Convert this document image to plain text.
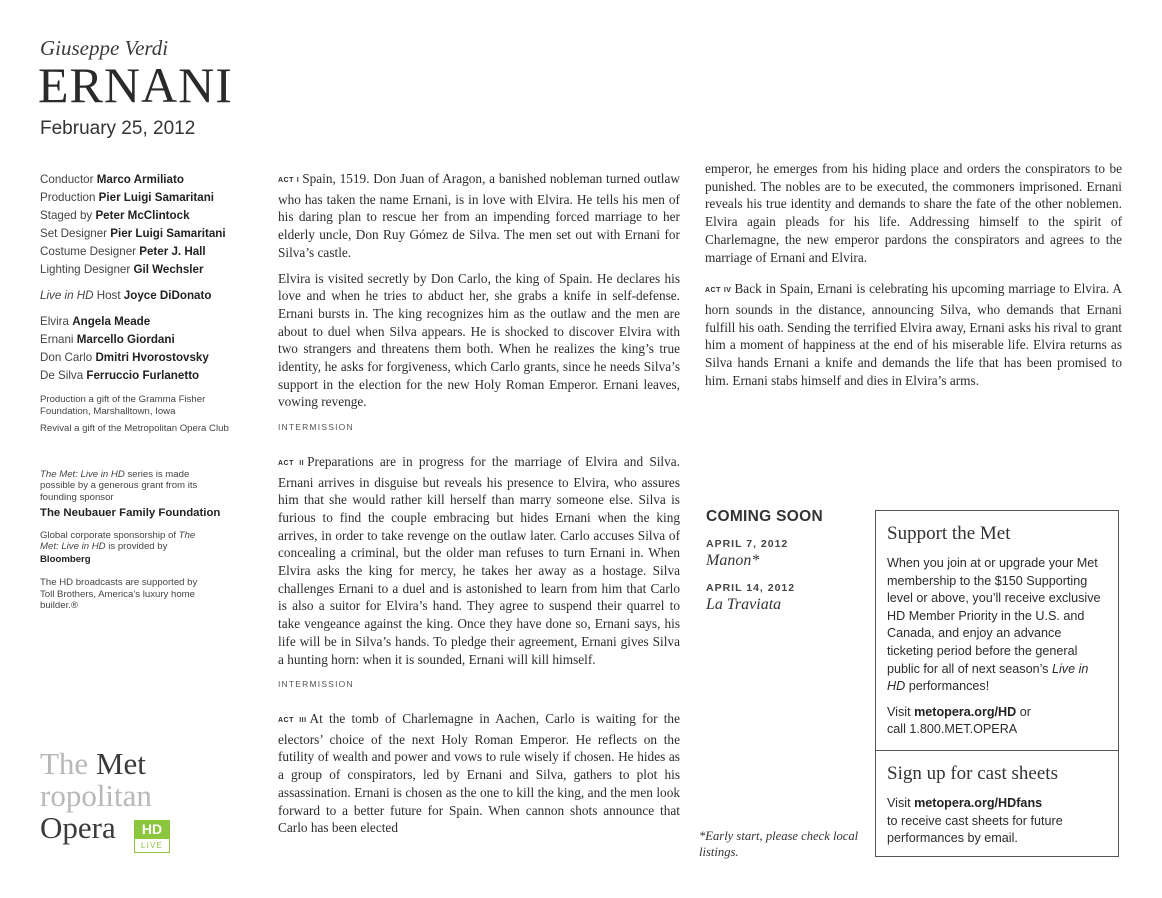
Giuseppe Verdi
ERNANI
February 25, 2012
Conductor Marco Armiliato
Production Pier Luigi Samaritani
Staged by Peter McClintock
Set Designer Pier Luigi Samaritani
Costume Designer Peter J. Hall
Lighting Designer Gil Wechsler
Live in HD Host Joyce DiDonato
Elvira Angela Meade
Ernani Marcello Giordani
Don Carlo Dmitri Hvorostovsky
De Silva Ferruccio Furlanetto
Production a gift of the Gramma Fisher Foundation, Marshalltown, Iowa
Revival a gift of the Metropolitan Opera Club
The Met: Live in HD series is made possible by a generous grant from its founding sponsor
The Neubauer Family Foundation
Global corporate sponsorship of The Met: Live in HD is provided by
Bloomberg
The HD broadcasts are supported by Toll Brothers, America’s luxury home builder.®

ACT I Spain, 1519. Don Juan of Aragon, a banished nobleman turned outlaw who has taken the name Ernani, is in love with Elvira. He tells his men of his daring plan to rescue her from an impending forced marriage to her elderly uncle, Don Ruy Gómez de Silva. The men set out with Ernani for Silva’s castle.

Elvira is visited secretly by Don Carlo, the king of Spain. He declares his love and when he tries to abduct her, she grabs a knife in self-defense. Ernani bursts in. The king recognizes him as the outlaw and the men are about to duel when Silva appears. He is shocked to discover Elvira with two strangers and threatens them both. When he realizes the king’s true identity, he asks for forgiveness, which Carlo grants, since he needs Silva’s support in the election for the new Holy Roman Emperor. Ernani leaves, vowing revenge.

INTERMISSION

ACT II Preparations are in progress for the marriage of Elvira and Silva. Ernani arrives in disguise but reveals his presence to Elvira, who assures him that she would rather kill herself than marry someone else. Silva is furious to find the couple embracing but hides Ernani when the king arrives, in order to take revenge on the outlaw later. Carlo accuses Silva of concealing a criminal, but the older man refuses to turn Ernani in. When Elvira asks the king for mercy, he takes her away as a hostage. Silva challenges Ernani to a duel and is astonished to learn from him that Carlo is also a suitor for Elvira’s hand. They agree to suspend their quarrel to take vengeance against the king. Once they have done so, Ernani says, his life will be in Silva’s hands. To pledge their agreement, Ernani gives Silva a hunting horn: when it is sounded, Ernani will kill himself.

INTERMISSION

ACT III At the tomb of Charlemagne in Aachen, Carlo is waiting for the electors’ choice of the next Holy Roman Emperor. He reflects on the futility of wealth and power and vows to rule wisely if chosen. He hides as a group of conspirators, led by Ernani and Silva, gathers to plot his assassination. Ernani is chosen as the one to kill the king, and the men look forward to a better future for Spain. When cannon shots announce that Carlo has been elected

emperor, he emerges from his hiding place and orders the conspirators to be punished. The nobles are to be executed, the commoners imprisoned. Ernani reveals his true identity and demands to share the fate of the other noblemen. Elvira again pleads for his life. Addressing himself to the spirit of Charlemagne, the new emperor pardons the conspirators and agrees to the marriage of Ernani and Elvira.

ACT IV Back in Spain, Ernani is celebrating his upcoming marriage to Elvira. A horn sounds in the distance, announcing Silva, who demands that Ernani fulfill his oath. Sending the terrified Elvira away, Ernani asks his rival to grant him a moment of happiness at the end of his miserable life. Elvira returns as Silva hands Ernani a knife and demands the life that has been promised to him. Ernani stabs himself and dies in Elvira’s arms.

COMING SOON
APRIL 7, 2012
Manon*
APRIL 14, 2012
La Traviata
*Early start, please check local listings.
Support the Met
When you join at or upgrade your Met membership to the $150 Supporting level or above, you’ll receive exclusive HD Member Priority in the U.S. and Canada, and enjoy an advance ticketing period before the general public for all of next season’s Live in HD performances!
Visit metopera.org/HD or
call 1.800.MET.OPERA
Sign up for cast sheets
Visit metopera.org/HDfans
to receive cast sheets for future performances by email.
The Met
ropolitan
Opera	HD
LIVE
